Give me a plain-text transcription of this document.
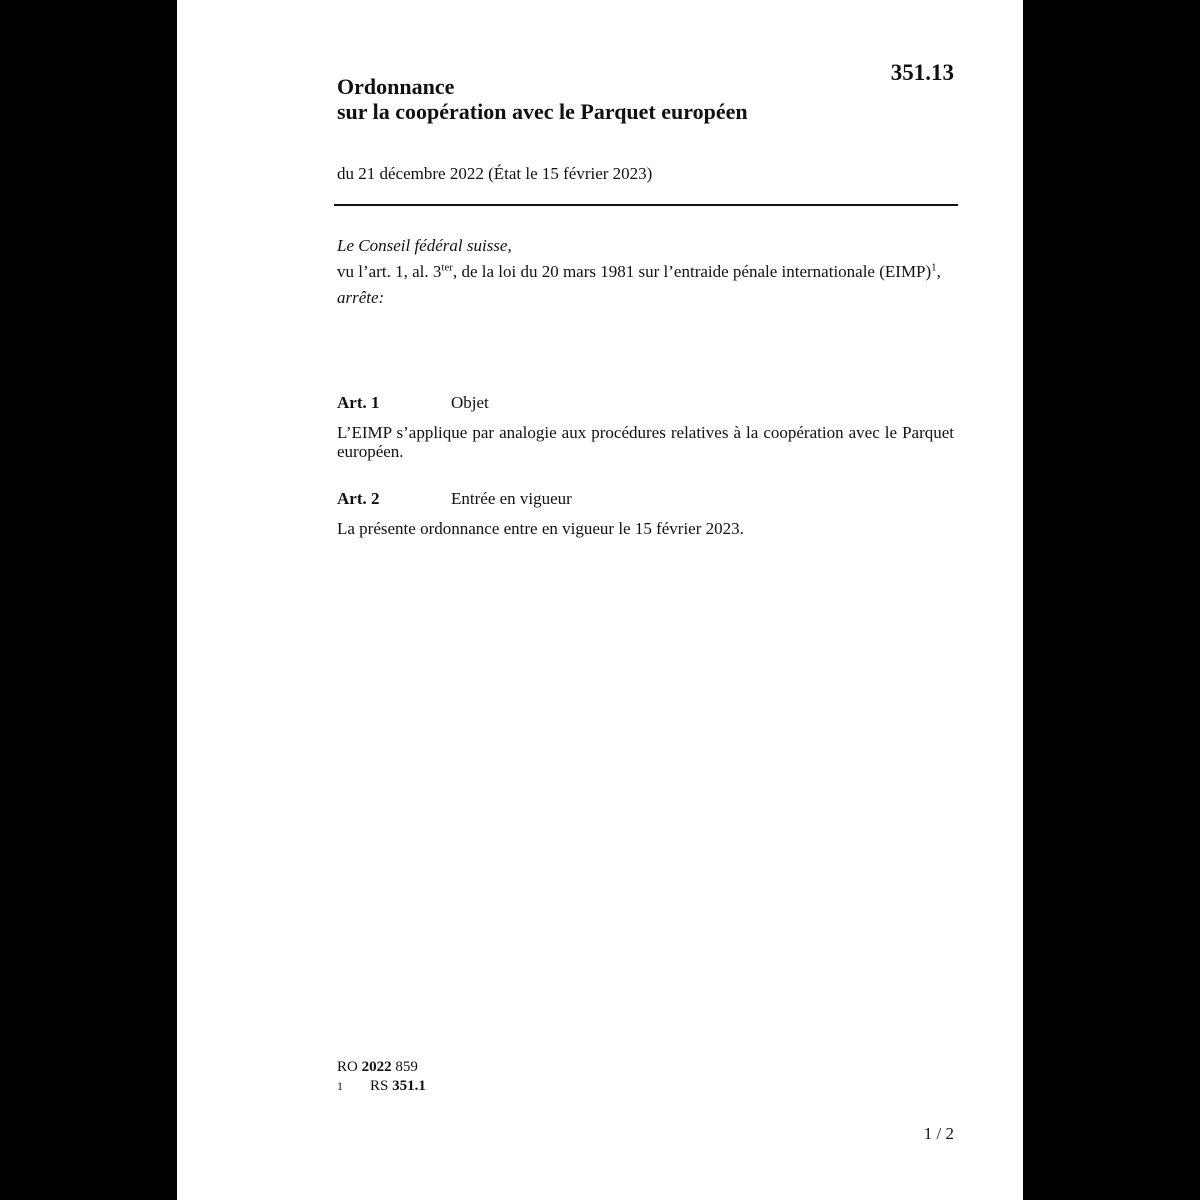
351.13
Ordonnance
sur la coopération avec le Parquet européen
du 21 décembre 2022 (État le 15 février 2023)

Le Conseil fédéral suisse,

vu l’art. 1, al. $3^{ter}$, de la loi du 20 mars 1981 sur l’entraide pénale internationale (EIMP)$^1$,

arrête:

Art. 1	Objet
L’EIMP s’applique par analogie aux procédures relatives à la coopération avec le Parquet européen.
Art. 2	Entrée en vigueur
La présente ordonnance entre en vigueur le 15 février 2023.
RO 2022 859
1 RS 351.1
1 / 2
